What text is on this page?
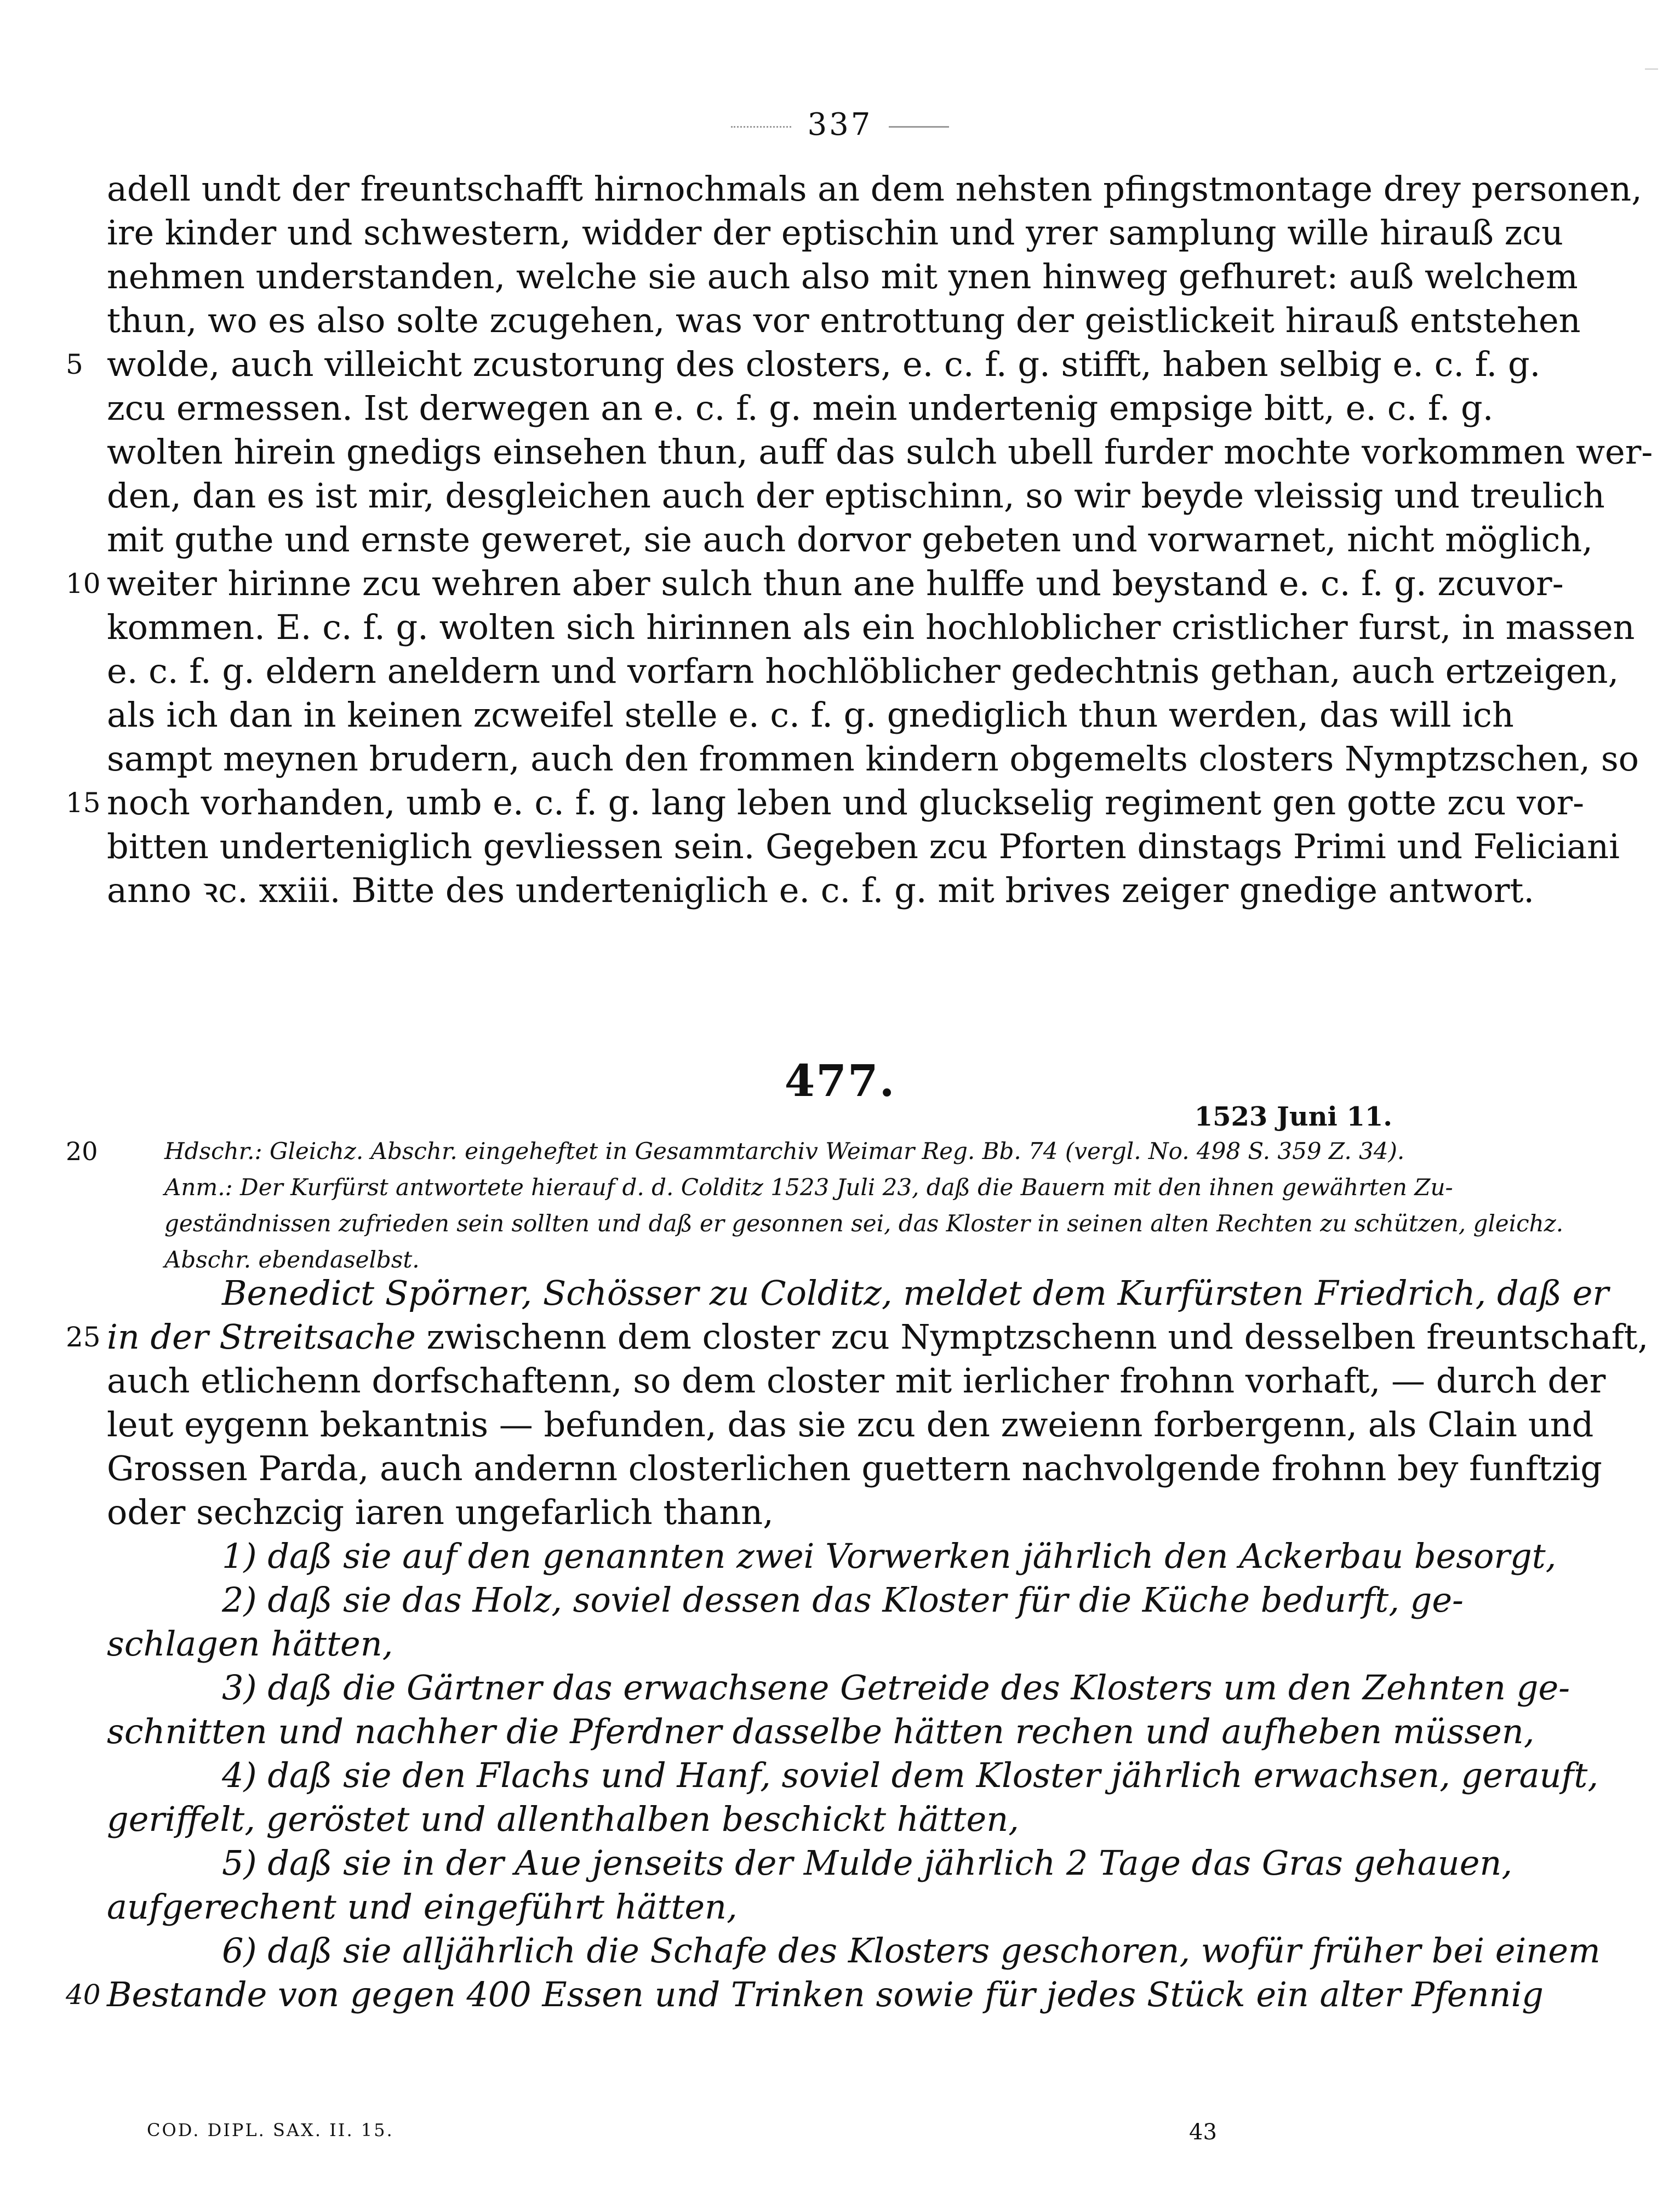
337
adell undt der freuntschafft hirnochmals an dem nehsten pfingstmontage drey personen,
ire kinder und schwestern, widder der eptischin und yrer samplung wille hirauß zcu
nehmen understanden, welche sie auch also mit ynen hinweg gefhuret: auß welchem
thun, wo es also solte zcugehen, was vor entrottung der geistlickeit hirauß entstehen
5 wolde, auch villeicht zcustorung des closters, e. c. f. g. stifft, haben selbig e. c. f. g.
zcu ermessen. Ist derwegen an e. c. f. g. mein undertenig empsige bitt, e. c. f. g.
wolten hirein gnedigs einsehen thun, auff das sulch ubell furder mochte vorkommen wer-
den, dan es ist mir, desgleichen auch der eptischinn, so wir beyde vleissig und treulich
mit guthe und ernste geweret, sie auch dorvor gebeten und vorwarnet, nicht möglich,
10 weiter hirinne zcu wehren aber sulch thun ane hulffe und beystand e. c. f. g. zcuvor-
kommen. E. c. f. g. wolten sich hirinnen als ein hochloblicher cristlicher furst, in massen
e. c. f. g. eldern aneldern und vorfarn hochlöblicher gedechtnis gethan, auch ertzeigen,
als ich dan in keinen zcweifel stelle e. c. f. g. gnediglich thun werden, das will ich
sampt meynen brudern, auch den frommen kindern obgemelts closters Nymptzschen, so
15 noch vorhanden, umb e. c. f. g. lang leben und gluckselig regiment gen gotte zcu vor-
bitten underteniglich gevliessen sein. Gegeben zcu Pforten dinstags Primi und Feliciani
anno ꝛc. xxiii. Bitte des underteniglich e. c. f. g. mit brives zeiger gnedige antwort.
477.
1523 Juni 11.
20	Hdschr.: Gleichz. Abschr. eingeheftet in Gesammtarchiv Weimar Reg. Bb. 74 (vergl. No. 498 S. 359 Z. 34).
Anm.: Der Kurfürst antwortete hierauf d. d. Colditz 1523 Juli 23, daß die Bauern mit den ihnen gewährten Zu-
geständnissen zufrieden sein sollten und daß er gesonnen sei, das Kloster in seinen alten Rechten zu schützen, gleichz.
Abschr. ebendaselbst.
Benedict Spörner, Schösser zu Colditz, meldet dem Kurfürsten Friedrich, daß er
25 in der Streitsache zwischenn dem closter zcu Nymptzschenn und desselben freuntschaft,
auch etlichenn dorfschaftenn, so dem closter mit ierlicher frohnn vorhaft, — durch der
leut eygenn bekantnis — befunden, das sie zcu den zweienn forbergenn, als Clain und
Grossen Parda, auch andernn closterlichen guettern nachvolgende frohnn bey funftzig
oder sechzcig iaren ungefarlich thann,
1) daß sie auf den genannten zwei Vorwerken jährlich den Ackerbau besorgt,
2) daß sie das Holz, soviel dessen das Kloster für die Küche bedurft, ge-
schlagen hätten,
3) daß die Gärtner das erwachsene Getreide des Klosters um den Zehnten ge-
schnitten und nachher die Pferdner dasselbe hätten rechen und aufheben müssen,
4) daß sie den Flachs und Hanf, soviel dem Kloster jährlich erwachsen, gerauft,
geriffelt, geröstet und allenthalben beschickt hätten,
5) daß sie in der Aue jenseits der Mulde jährlich 2 Tage das Gras gehauen,
aufgerechent und eingeführt hätten,
6) daß sie alljährlich die Schafe des Klosters geschoren, wofür früher bei einem
40 Bestande von gegen 400 Essen und Trinken sowie für jedes Stück ein alter Pfennig
COD. DIPL. SAX. II. 15.	43
